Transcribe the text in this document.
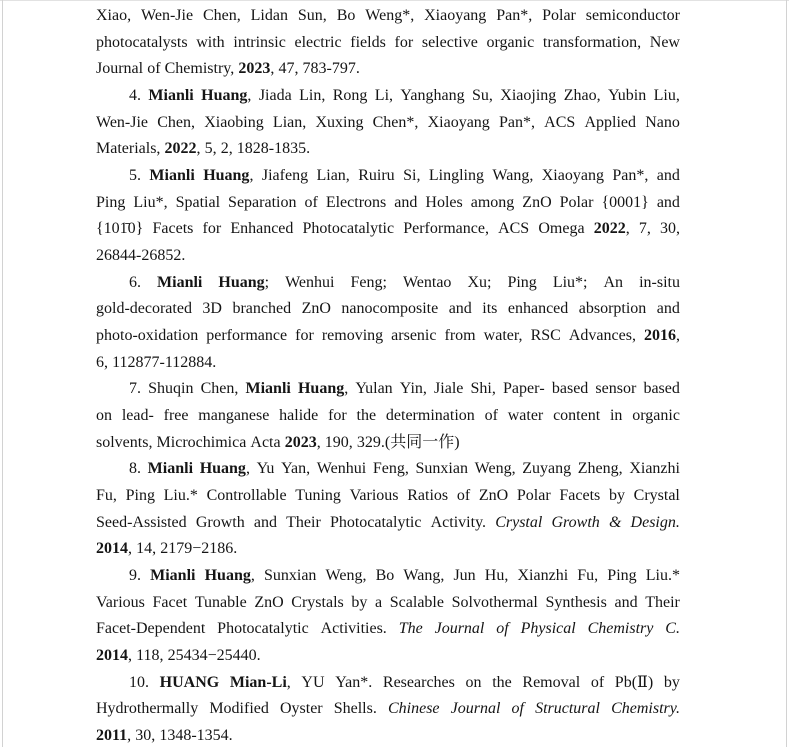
Xiao, Wen-Jie Chen, Lidan Sun, Bo Weng*, Xiaoyang Pan*, Polar semiconductor
photocatalysts with intrinsic electric fields for selective organic transformation, New
Journal of Chemistry, 2023, 47, 783-797.
4. Mianli Huang, Jiada Lin, Rong Li, Yanghang Su, Xiaojing Zhao, Yubin Liu,
Wen-Jie Chen, Xiaobing Lian, Xuxing Chen*, Xiaoyang Pan*, ACS Applied Nano
Materials, 2022, 5, 2, 1828-1835.
5. Mianli Huang, Jiafeng Lian, Ruiru Si, Lingling Wang, Xiaoyang Pan*, and
Ping Liu*, Spatial Separation of Electrons and Holes among ZnO Polar {0001} and
{101̄0} Facets for Enhanced Photocatalytic Performance, ACS Omega 2022, 7, 30,
26844-26852.
6. Mianli Huang; Wenhui Feng; Wentao Xu; Ping Liu*; An in-situ
gold-decorated 3D branched ZnO nanocomposite and its enhanced absorption and
photo-oxidation performance for removing arsenic from water, RSC Advances, 2016,
6, 112877-112884.
7. Shuqin Chen, Mianli Huang, Yulan Yin, Jiale Shi, Paper‐ based sensor based
on lead‐ free manganese halide for the determination of water content in organic
solvents, Microchimica Acta 2023, 190, 329.(共同一作)
8. Mianli Huang, Yu Yan, Wenhui Feng, Sunxian Weng, Zuyang Zheng, Xianzhi
Fu, Ping Liu.* Controllable Tuning Various Ratios of ZnO Polar Facets by Crystal
Seed-Assisted Growth and Their Photocatalytic Activity. Crystal Growth & Design.
2014, 14, 2179−2186.
9. Mianli Huang, Sunxian Weng, Bo Wang, Jun Hu, Xianzhi Fu, Ping Liu.*
Various Facet Tunable ZnO Crystals by a Scalable Solvothermal Synthesis and Their
Facet-Dependent Photocatalytic Activities. The Journal of Physical Chemistry C.
2014, 118, 25434−25440.
10. HUANG Mian-Li, YU Yan*. Researches on the Removal of Pb(Ⅱ) by
Hydrothermally Modified Oyster Shells. Chinese Journal of Structural Chemistry.
2011, 30, 1348-1354.
